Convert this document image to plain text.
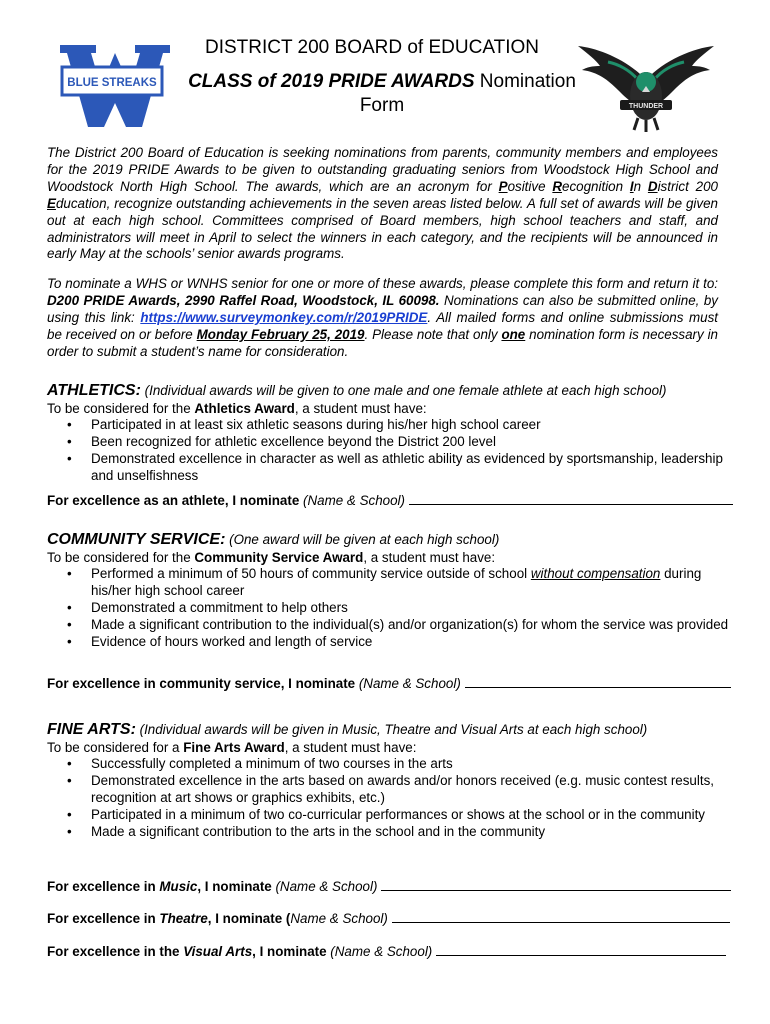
BLUE STREAKS
THUNDER
DISTRICT 200 BOARD of EDUCATION
CLASS of 2019 PRIDE AWARDS Nomination Form
The District 200 Board of Education is seeking nominations from parents, community members and employees for the 2019 PRIDE Awards to be given to outstanding graduating seniors from Woodstock High School and Woodstock North High School. The awards, which are an acronym for Positive Recognition In District 200 Education, recognize outstanding achievements in the seven areas listed below. A full set of awards will be given out at each high school. Committees comprised of Board members, high school teachers and staff, and administrators will meet in April to select the winners in each category, and the recipients will be announced in early May at the schools’ senior awards programs.
To nominate a WHS or WNHS senior for one or more of these awards, please complete this form and return it to: D200 PRIDE Awards, 2990 Raffel Road, Woodstock, IL 60098. Nominations can also be submitted online, by using this link: https://www.surveymonkey.com/r/2019PRIDE. All mailed forms and online submissions must be received on or before Monday February 25, 2019. Please note that only one nomination form is necessary in order to submit a student’s name for consideration.
ATHLETICS: (Individual awards will be given to one male and one female athlete at each high school)
To be considered for the Athletics Award, a student must have:
• Participated in at least six athletic seasons during his/her high school career
• Been recognized for athletic excellence beyond the District 200 level
• Demonstrated excellence in character as well as athletic ability as evidenced by sportsmanship, leadership and unselfishness
For excellence as an athlete, I nominate (Name & School)
COMMUNITY SERVICE: (One award will be given at each high school)
To be considered for the Community Service Award, a student must have:
• Performed a minimum of 50 hours of community service outside of school without compensation during his/her high school career
• Demonstrated a commitment to help others
• Made a significant contribution to the individual(s) and/or organization(s) for whom the service was provided
• Evidence of hours worked and length of service
For excellence in community service, I nominate (Name & School)
FINE ARTS: (Individual awards will be given in Music, Theatre and Visual Arts at each high school)
To be considered for a Fine Arts Award, a student must have:
• Successfully completed a minimum of two courses in the arts
• Demonstrated excellence in the arts based on awards and/or honors received (e.g. music contest results, recognition at art shows or graphics exhibits, etc.)
• Participated in a minimum of two co-curricular performances or shows at the school or in the community
• Made a significant contribution to the arts in the school and in the community
For excellence in Music, I nominate (Name & School)
For excellence in Theatre, I nominate (Name & School)
For excellence in the Visual Arts, I nominate (Name & School)
